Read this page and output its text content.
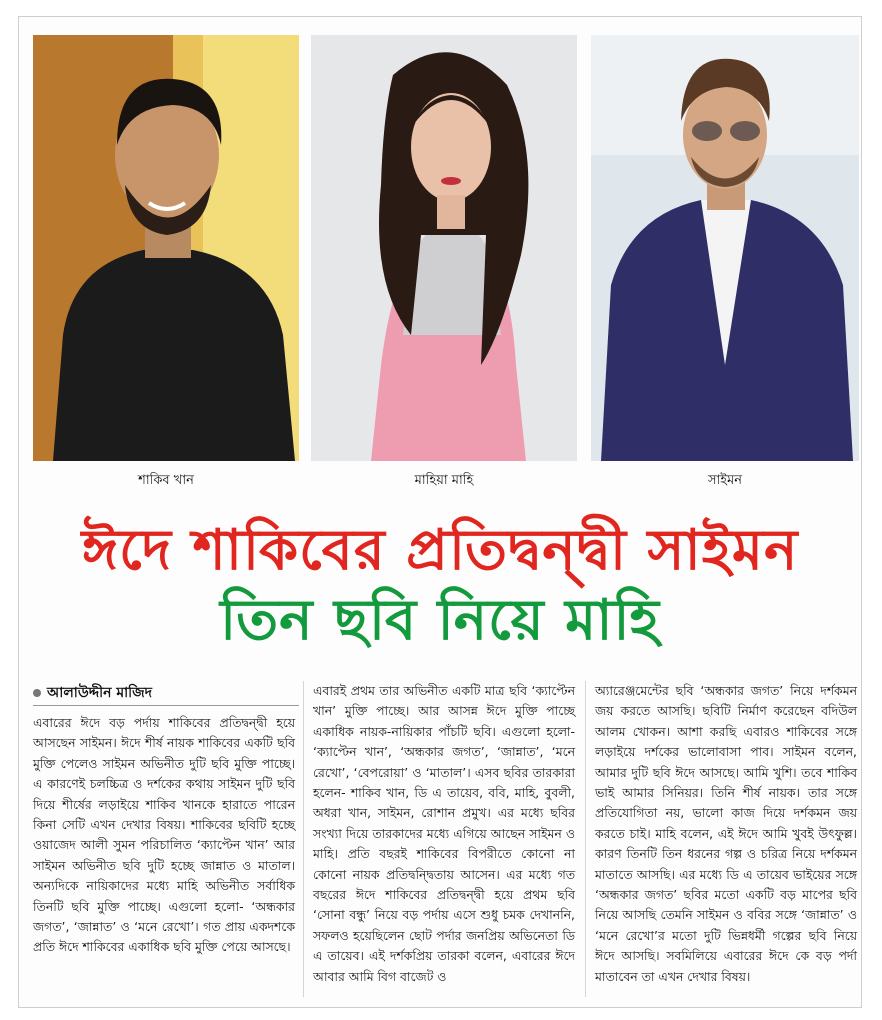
শাকিব খান	মাহিয়া মাহি	সাইমন
ঈদে শাকিবের প্রতিদ্বন্দ্বী সাইমন
তিন ছবি নিয়ে মাহি
আলাউদ্দীন মাজিদ
এবারের ঈদে বড় পর্দায় শাকিবের প্রতিদ্বন্দ্বী হয়ে আসছেন সাইমন। ঈদে শীর্ষ নায়ক শাকিবের একটি ছবি মুক্তি পেলেও সাইমন অভিনীত দুটি ছবি মুক্তি পাচ্ছে। এ কারণেই চলচ্চিত্র ও দর্শকের কথায় সাইমন দুটি ছবি দিয়ে শীর্ষের লড়াইয়ে শাকিব খানকে হারাতে পারেন কিনা সেটি এখন দেখার বিষয়। শাকিবের ছবিটি হচ্ছে ওয়াজেদ আলী সুমন পরিচালিত ‘ক্যাপ্টেন খান’ আর সাইমন অভিনীত ছবি দুটি হচ্ছে জান্নাত ও মাতাল। অন্যদিকে নায়িকাদের মধ্যে মাহি অভিনীত সর্বাধিক তিনটি ছবি মুক্তি পাচ্ছে। এগুলো হলো- ‘অন্ধকার জগত’, ‘জান্নাত’ ও ‘মনে রেখো’। গত প্রায় একদশকে প্রতি ঈদে শাকিবের একাধিক ছবি মুক্তি পেয়ে আসছে।
এবারই প্রথম তার অভিনীত একটি মাত্র ছবি ‘ক্যাপ্টেন খান’ মুক্তি পাচ্ছে। আর আসন্ন ঈদে মুক্তি পাচ্ছে একাধিক নায়ক-নায়িকার পাঁচটি ছবি। এগুলো হলো- ‘ক্যাপ্টেন খান’, ‘অন্ধকার জগত’, ‘জান্নাত’, ‘মনে রেখো’, ‘বেপরোয়া’ ও ‘মাতাল’। এসব ছবির তারকারা হলেন- শাকিব খান, ডি এ তায়েব, ববি, মাহি, বুবলী, অধরা খান, সাইমন, রোশান প্রমুখ। এর মধ্যে ছবির সংখ্যা দিয়ে তারকাদের মধ্যে এগিয়ে আছেন সাইমন ও মাহি। প্রতি বছরই শাকিবের বিপরীতে কোনো না কোনো নায়ক প্রতিদ্বন্দ্বিতায় আসেন। এর মধ্যে গত বছরের ঈদে শাকিবের প্রতিদ্বন্দ্বী হয়ে প্রথম ছবি ‘সোনা বন্ধু’ নিয়ে বড় পর্দায় এসে শুধু চমক দেখাননি, সফলও হয়েছিলেন ছোট পর্দার জনপ্রিয় অভিনেতা ডি এ তায়েব। এই দর্শকপ্রিয় তারকা বলেন, এবারের ঈদে আবার আমি বিগ বাজেট ও
অ্যারেঞ্জমেন্টের ছবি ‘অন্ধকার জগত’ নিয়ে দর্শকমন জয় করতে আসছি। ছবিটি নির্মাণ করেছেন বদিউল আলম খোকন। আশা করছি এবারও শাকিবের সঙ্গে লড়াইয়ে দর্শকের ভালোবাসা পাব। সাইমন বলেন, আমার দুটি ছবি ঈদে আসছে। আমি খুশি। তবে শাকিব ভাই আমার সিনিয়র। তিনি শীর্ষ নায়ক। তার সঙ্গে প্রতিযোগিতা নয়, ভালো কাজ দিয়ে দর্শকমন জয় করতে চাই। মাহি বলেন, এই ঈদে আমি খুবই উৎফুল্ল। কারণ তিনটি তিন ধরনের গল্প ও চরিত্র নিয়ে দর্শকমন মাতাতে আসছি। এর মধ্যে ডি এ তায়েব ভাইয়ের সঙ্গে ‘অন্ধকার জগত’ ছবির মতো একটি বড় মাপের ছবি নিয়ে আসছি তেমনি সাইমন ও ববির সঙ্গে ‘জান্নাত’ ও ‘মনে রেখো’র মতো দুটি ভিন্নধর্মী গল্পের ছবি নিয়ে ঈদে আসছি। সবমিলিয়ে এবারের ঈদে কে বড় পর্দা মাতাবেন তা এখন দেখার বিষয়।
